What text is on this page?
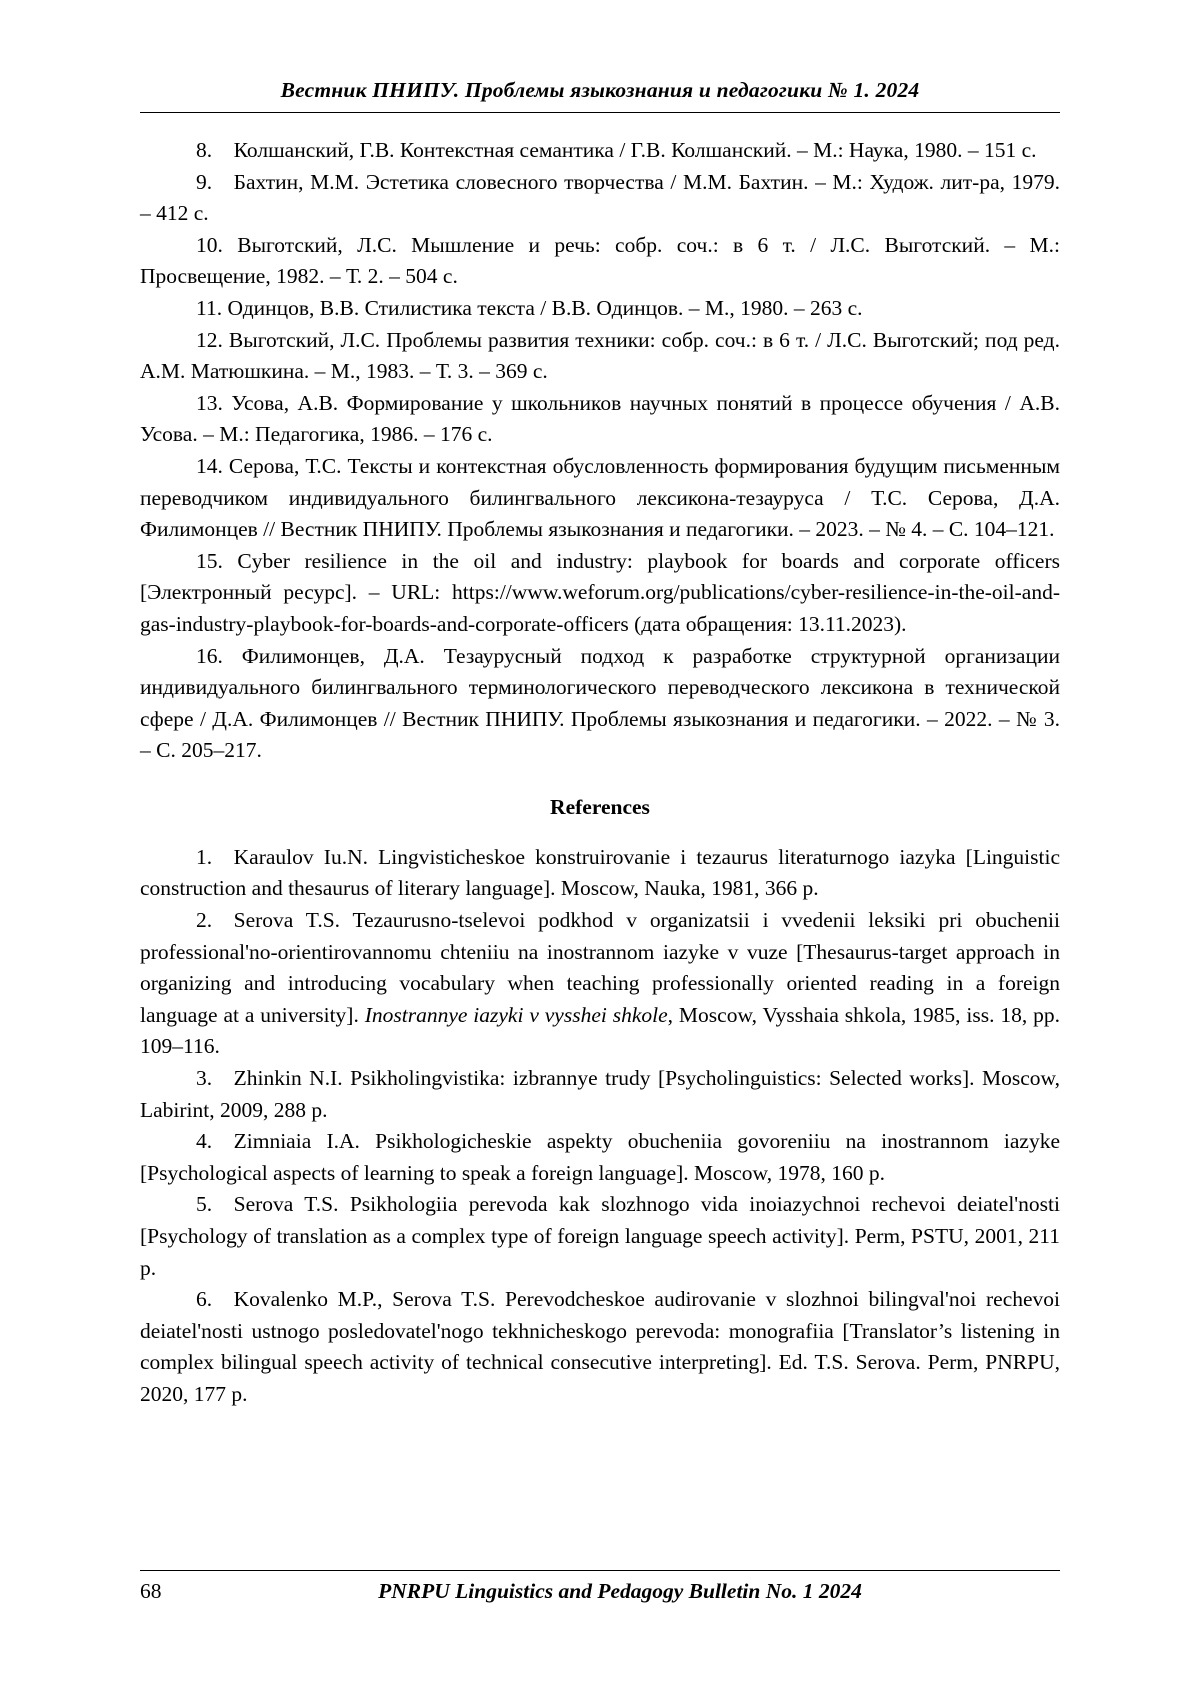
Вестник ПНИПУ. Проблемы языкознания и педагогики № 1. 2024

8. Колшанский, Г.В. Контекстная семантика / Г.В. Колшанский. – М.: Наука, 1980. – 151 с.

9. Бахтин, М.М. Эстетика словесного творчества / М.М. Бахтин. – М.: Худож. лит-ра, 1979. – 412 с.

10. Выготский, Л.С. Мышление и речь: собр. соч.: в 6 т. / Л.С. Выготский. – М.: Просвещение, 1982. – Т. 2. – 504 с.

11. Одинцов, В.В. Стилистика текста / В.В. Одинцов. – М., 1980. – 263 с.

12. Выготский, Л.С. Проблемы развития техники: собр. соч.: в 6 т. / Л.С. Выготский; под ред. А.М. Матюшкина. – М., 1983. – Т. 3. – 369 с.

13. Усова, А.В. Формирование у школьников научных понятий в процессе обучения / А.В. Усова. – М.: Педагогика, 1986. – 176 с.

14. Серова, Т.С. Тексты и контекстная обусловленность формирования будущим письменным переводчиком индивидуального билингвального лексикона-тезауруса / Т.С. Серова, Д.А. Филимонцев // Вестник ПНИПУ. Проблемы языкознания и педагогики. – 2023. – № 4. – С. 104–121.

15. Cyber resilience in the oil and industry: playbook for boards and corporate officers [Электронный ресурс]. – URL: https://www.weforum.org/publications/cyber-resilience-in-the-oil-and-gas-industry-playbook-for-boards-and-corporate-officers (дата обращения: 13.11.2023).

16. Филимонцев, Д.А. Тезаурусный подход к разработке структурной организации индивидуального билингвального терминологического переводческого лексикона в технической сфере / Д.А. Филимонцев // Вестник ПНИПУ. Проблемы языкознания и педагогики. – 2022. – № 3. – С. 205–217.

References

1. Karaulov Iu.N. Lingvisticheskoe konstruirovanie i tezaurus literaturnogo iazyka [Linguistic construction and thesaurus of literary language]. Moscow, Nauka, 1981, 366 p.

2. Serova T.S. Tezaurusno-tselevoi podkhod v organizatsii i vvedenii leksiki pri obuchenii professional'no-orientirovannomu chteniiu na inostrannom iazyke v vuze [Thesaurus-target approach in organizing and introducing vocabulary when teaching professionally oriented reading in a foreign language at a university]. Inostrannye iazyki v vysshei shkole, Moscow, Vysshaia shkola, 1985, iss. 18, pp. 109–116.

3. Zhinkin N.I. Psikholingvistika: izbrannye trudy [Psycholinguistics: Selected works]. Moscow, Labirint, 2009, 288 p.

4. Zimniaia I.A. Psikhologicheskie aspekty obucheniia govoreniiu na inostrannom iazyke [Psychological aspects of learning to speak a foreign language]. Moscow, 1978, 160 p.

5. Serova T.S. Psikhologiia perevoda kak slozhnogo vida inoiazychnoi rechevoi deiatel'nosti [Psychology of translation as a complex type of foreign language speech activity]. Perm, PSTU, 2001, 211 p.

6. Kovalenko M.P., Serova T.S. Perevodcheskoe audirovanie v slozhnoi bilingval'noi rechevoi deiatel'nosti ustnogo posledovatel'nogo tekhnicheskogo perevoda: monografiia [Translator’s listening in complex bilingual speech activity of technical consecutive interpreting]. Ed. T.S. Serova. Perm, PNRPU, 2020, 177 p.

68	PNRPU Linguistics and Pedagogy Bulletin No. 1 2024
